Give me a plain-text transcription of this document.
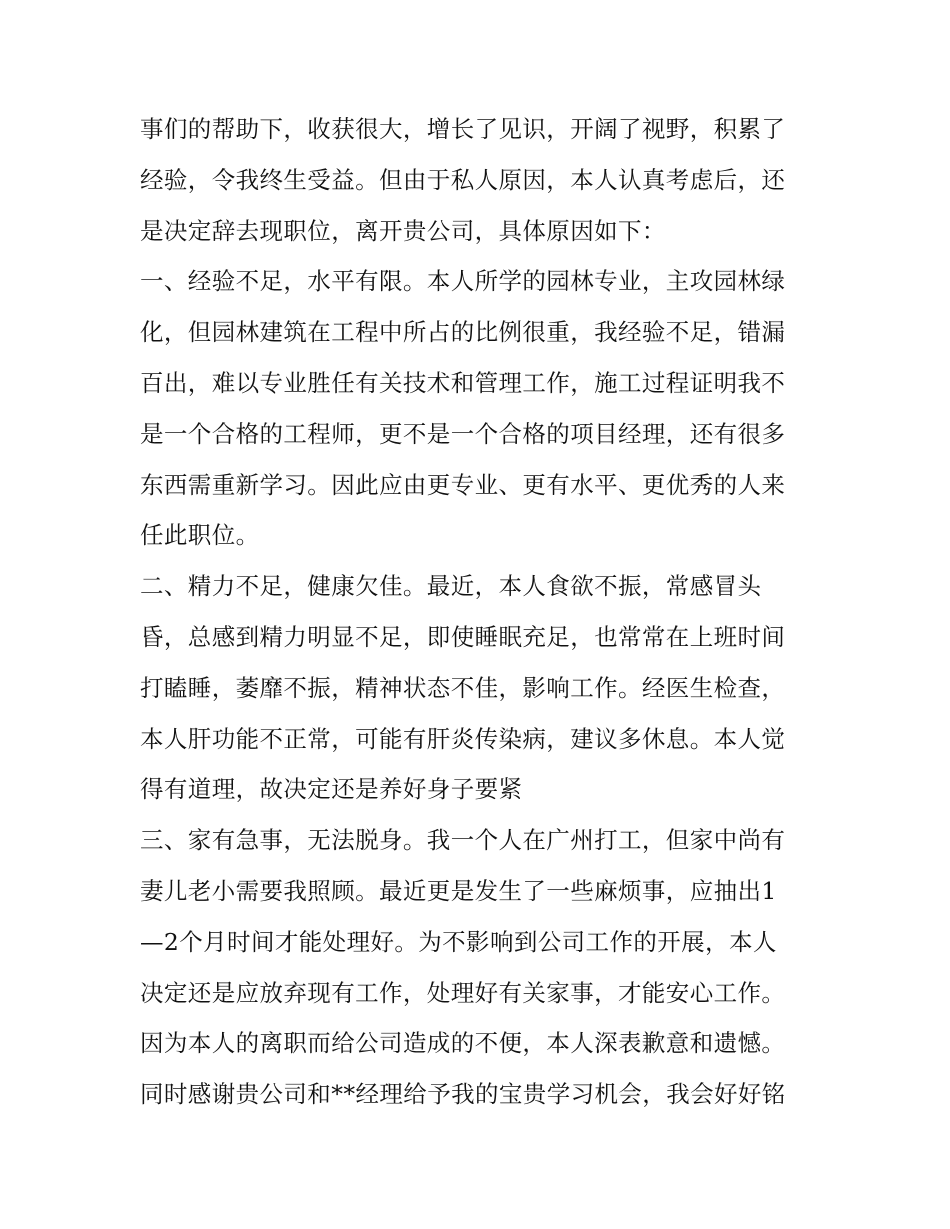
事们的帮助下，收获很大，增长了见识，开阔了视野，积累了
经验，令我终生受益。但由于私人原因，本人认真考虑后，还
是决定辞去现职位，离开贵公司，具体原因如下：
一、经验不足，水平有限。本人所学的园林专业，主攻园林绿
化，但园林建筑在工程中所占的比例很重，我经验不足，错漏
百出，难以专业胜任有关技术和管理工作，施工过程证明我不
是一个合格的工程师，更不是一个合格的项目经理，还有很多
东西需重新学习。因此应由更专业、更有水平、更优秀的人来
任此职位。
二、精力不足，健康欠佳。最近，本人食欲不振，常感冒头
昏，总感到精力明显不足，即使睡眠充足，也常常在上班时间
打瞌睡，萎靡不振，精神状态不佳，影响工作。经医生检查，
本人肝功能不正常，可能有肝炎传染病，建议多休息。本人觉
得有道理，故决定还是养好身子要紧
三、家有急事，无法脱身。我一个人在广州打工，但家中尚有
妻儿老小需要我照顾。最近更是发生了一些麻烦事，应抽出1
—2个月时间才能处理好。为不影响到公司工作的开展，本人
决定还是应放弃现有工作，处理好有关家事，才能安心工作。
因为本人的离职而给公司造成的不便，本人深表歉意和遗憾。
同时感谢贵公司和**经理给予我的宝贵学习机会，我会好好铭
